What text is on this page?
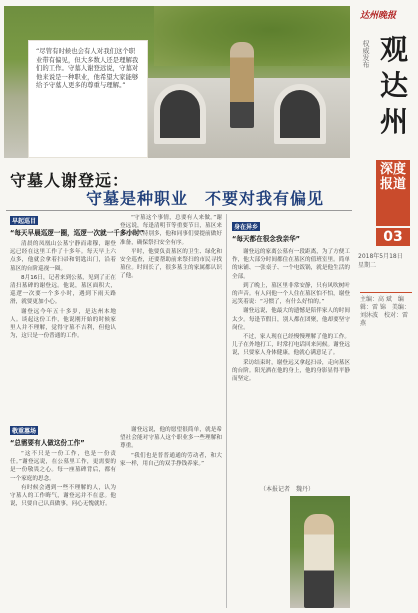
“尽管有时候也会有人对我们这个职业带有偏见，但大多数人还是理解我们的工作。守墓人谢登远说，守墓对他来说是一种职业，他希望大家能够给予守墓人更多的尊重与理解。”
达州晚报
观达州
权威发布
深度报道
03
2018年5月18日
星期二
主编：高 斌　编辑：雷 锦　美编：刘沐波　校对：雷 燕
守墓人谢登远：
守墓是种职业　不要对我有偏见
早起巡目
“每天早晨巡逻一圈，巡逻一次就一千多小时”

清晨的凤凰山公墓宁静而肃穆，谢登远已经在这里工作了十多年。每天早上六点多，他就会拿着扫帚和钥匙出门，沿着墓区的台阶巡视一圈。

8月16日，记者来到公墓，见到了正在清扫墓碑的谢登远。他说，墓区面积大，巡逻一次要一个多小时，遇到下雨天路滑，就要更加小心。

谢登远今年五十多岁，是达州本地人。谈起这份工作，他说刚开始的时候家里人并不理解，觉得守墓不吉利，但他认为，这只是一份普通的工作。

“守墓这个事情，总要有人来做。”谢登远说，每逢清明节等重要节日，墓区来祭扫的人特别多，他和同事们要提前做好准备，确保祭扫安全有序。

平时，他要负责墓区的卫生、绿化和安全巡查，还要帮助前来祭扫的市民寻找墓位。时间长了，很多墓主的家属都认识了他。

敬重墓场
“总需要有人做这份工作”

“这不只是一份工作，也是一份责任。”谢登远说，在公墓里工作，更需要的是一份敬畏之心。每一座墓碑背后，都有一个家庭的思念。

有时候会遇到一些不理解的人，认为守墓人的工作晦气，谢登远并不在意。他说，只要自己认真做事，问心无愧就好。

谢登远说，他的愿望很简单，就是希望社会能对守墓人这个职业多一些理解和尊重。

“我们也是普普通通的劳动者，和大家一样，用自己的双手挣钱养家。”

身在异乡
“每天都在很念我亲华”

谢登远的家离公墓有一段距离，为了方便工作，他大部分时间都住在墓区的值班室里。简单的床铺、一张桌子、一个电饭锅，就是他生活的全部。

到了晚上，墓区里非常安静，只有风吹树叶的声音。有人问他一个人住在墓区怕不怕，谢登远笑着说：“习惯了，有什么好怕的。”

谢登远说，他最大的遗憾是陪伴家人的时间太少。每逢节假日，别人都在团聚，他却要坚守岗位。

不过，家人现在已经慢慢理解了他的工作。儿子在外地打工，时常打电话回来问候。谢登远说，只要家人身体健康，他就心满意足了。

采访结束时，谢登远又拿起扫帚，走向墓区的台阶。阳光洒在他的身上，他的身影显得平静而坚定。

（本报记者　魏丹）
